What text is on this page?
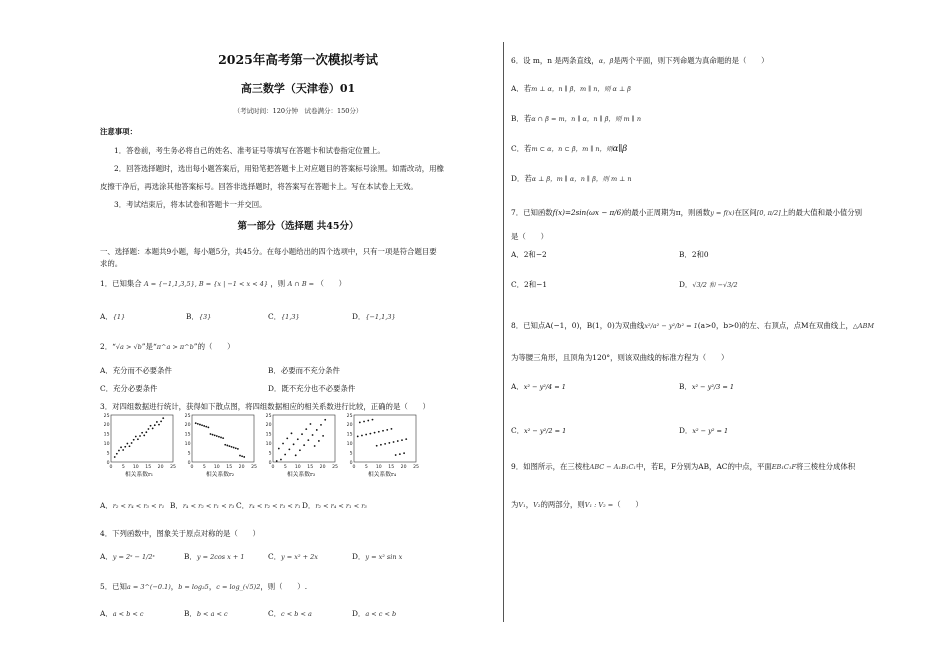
2025年高考第一次模拟考试
高三数学（天津卷）01
（考试时间：120分钟　试卷满分：150分）
注意事项：
1．答卷前，考生务必将自己的姓名、准考证号等填写在答题卡和试卷指定位置上。
2．回答选择题时，选出每小题答案后，用铅笔把答题卡上对应题目的答案标号涂黑。如需改动，用橡
皮擦干净后，再选涂其他答案标号。回答非选择题时，将答案写在答题卡上。写在本试卷上无效。
3．考试结束后，将本试卷和答题卡一并交回。
第一部分（选择题 共45分）
一、选择题：本题共9小题，每小题5分，共45分。在每小题给出的四个选项中，只有一项是符合题目要
求的。
1．已知集合 A = {−1,1,3,5}, B = {x | −1 < x < 4} ，则 A ∩ B = （　　）
A．{1}	B．{3}	C．{1,3}	D．{−1,1,3}
2．“√a > √b”是“π^a > π^b”的（　　）
A．充分而不必要条件	B．必要而不充分条件
C．充分必要条件	D．既不充分也不必要条件
3．对四组数据进行统计，获得如下散点图，将四组数据相应的相关系数进行比较，正确的是（　　）
25
20
15
10
5
0
0 5 10 15 20 25
相关系数r₁
25
20
15
10
5
0
0 5 10 15 20 25
相关系数r₂
25
20
15
10
5
0
0 5 10 15 20 25
相关系数r₃
25
20
15
10
5
0
0 5 10 15 20 25
相关系数r₄
A．r₂ < r₄ < r₃ < r₁ B．r₄ < r₂ < r₁ < r₃ C．r₄ < r₂ < r₃ < r₁ D．r₂ < r₄ < r₁ < r₃
4．下列函数中，图象关于原点对称的是（　　）
A．y = 2ˣ − 1/2ˣ	B．y = 2cos x + 1	C．y = x² + 2x	D．y = x² sin x
5．已知a = 3^(−0.1)，b = log₃5，c = log_(√5)2，则（　　）.
A．a < b < c	B．b < a < c	C．c < b < a	D．a < c < b
6．设 m，n 是两条直线，α，β是两个平面，则下列命题为真命题的是（　　）
A．若m ⊥ α，n ∥ β，m ∥ n，则 α ⊥ β
B．若α ∩ β = m，n ∥ α，n ∥ β，则 m ∥ n
C．若m ⊂ α，n ⊂ β，m ∥ n，则α∥β
D．若α ⊥ β，m ∥ α，n ∥ β，则 m ⊥ n
7．已知函数f(x)=2sin(ωx − π/6)的最小正周期为π，则函数y = f(x)在区间[0, π/2]上的最大值和最小值分别
是（　　）
A．2和−2	B．2和0
C．2和−1	D．√3/2 和 −√3/2
8．已知点A(−1，0)，B(1，0)为双曲线x²/a² − y²/b² = 1(a>0，b>0)的左、右顶点，点M在双曲线上，△ABM
为等腰三角形，且顶角为120°，则该双曲线的标准方程为（　　）
A．x² − y²/4 = 1	B．x² − y²/3 = 1
C．x² − y²/2 = 1	D．x² − y² = 1
9．如图所示，在三棱柱ABC − A₁B₁C₁中，若E，F分别为AB，AC的中点，平面EB₁C₁F将三棱柱分成体积
为V₁，V₂的两部分，则V₁ : V₂ =（　　）
